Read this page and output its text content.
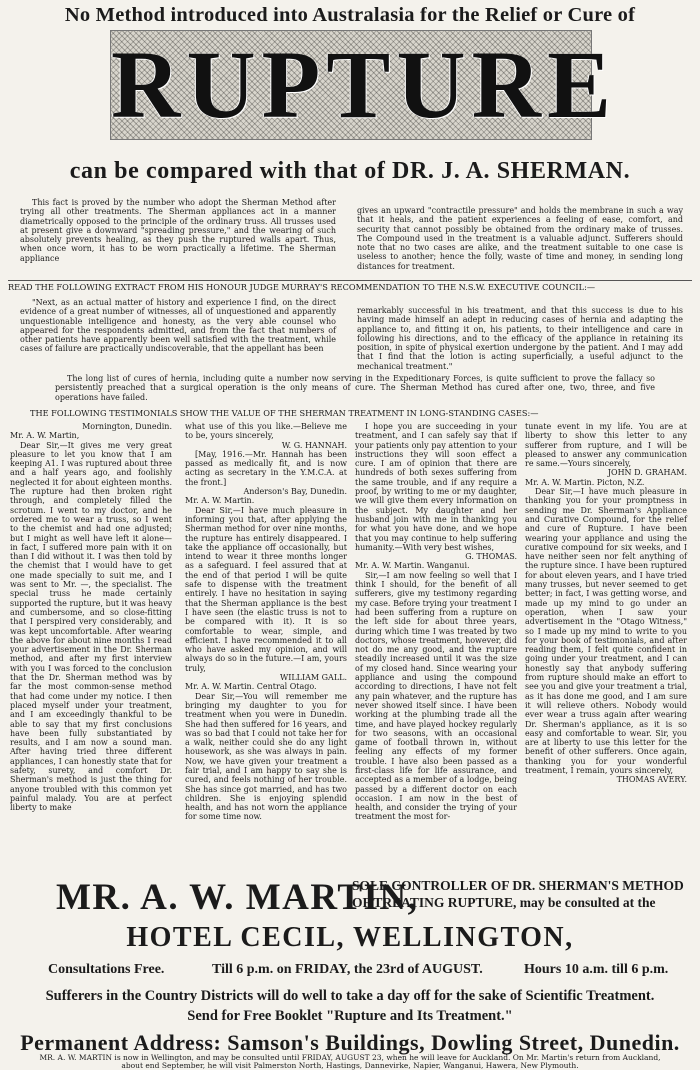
No Method introduced into Australasia for the Relief or Cure of
RUPTURE
can be compared with that of DR. J. A. SHERMAN.

This fact is proved by the number who adopt the Sherman Method after trying all other treatments. The Sherman appliances act in a manner diametrically opposed to the principle of the ordinary truss. All trusses used at present give a downward "spreading pressure," and the wearing of such absolutely prevents healing, as they push the ruptured walls apart. Thus, when once worn, it has to be worn practically a lifetime. The Sherman appliance

gives an upward "contractile pressure" and holds the membrane in such a way that it heals, and the patient experiences a feeling of ease, comfort, and security that cannot possibly be obtained from the ordinary make of trusses. The Compound used in the treatment is a valuable adjunct. Sufferers should note that no two cases are alike, and the treatment suitable to one case is useless to another; hence the folly, waste of time and money, in sending long distances for treatment.

READ THE FOLLOWING EXTRACT FROM HIS HONOUR JUDGE MURRAY'S RECOMMENDATION TO THE N.S.W. EXECUTIVE COUNCIL:—

"Next, as an actual matter of history and experience I find, on the direct evidence of a great number of witnesses, all of unquestioned and apparently unquestionable intelligence and honesty, as the very able counsel who appeared for the respondents admitted, and from the fact that numbers of other patients have apparently been well satisfied with the treatment, while cases of failure are practically undiscoverable, that the appellant has been

remarkably successful in his treatment, and that this success is due to his having made himself an adept in reducing cases of hernia and adapting the appliance to, and fitting it on, his patients, to their intelligence and care in following his directions, and to the efficacy of the appliance in retaining its position, in spite of physical exertion undergone by the patient. And I may add that I find that the lotion is acting superficially, a useful adjunct to the mechanical treatment."

The long list of cures of hernia, including quite a number now serving in the Expeditionary Forces, is quite sufficient to prove the fallacy so persistently preached that a surgical operation is the only means of cure. The Sherman Method has cured after one, two, three, and five operations have failed.

THE FOLLOWING TESTIMONIALS SHOW THE VALUE OF THE SHERMAN TREATMENT IN LONG-STANDING CASES:—

Mornington, Dunedin.

Mr. A. W. Martin,

Dear Sir,—It gives me very great pleasure to let you know that I am keeping A1. I was ruptured about three and a half years ago, and foolishly neglected it for about eighteen months. The rupture had then broken right through, and completely filled the scrotum. I went to my doctor, and he ordered me to wear a truss, so I went to the chemist and had one adjusted; but I might as well have left it alone—in fact, I suffered more pain with it on than I did without it. I was then told by the chemist that I would have to get one made specially to suit me, and I was sent to Mr. —, the specialist. The special truss he made certainly supported the rupture, but it was heavy and cumbersome, and so close-fitting that I perspired very considerably, and was kept uncomfortable. After wearing the above for about nine months I read your advertisement in the Dr. Sherman method, and after my first interview with you I was forced to the conclusion that the Dr. Sherman method was by far the most common-sense method that had come under my notice. I then placed myself under your treatment, and I am exceedingly thankful to be able to say that my first conclusions have been fully substantiated by results, and I am now a sound man. After having tried three different appliances, I can honestly state that for safety, surety, and comfort Dr. Sherman's method is just the thing for anyone troubled with this common yet painful malady. You are at perfect liberty to make

what use of this you like.—Believe me to be, yours sincerely,

W. G. HANNAH.

[May, 1916.—Mr. Hannah has been passed as medically fit, and is now acting as secretary in the Y.M.C.A. at the front.]

Anderson's Bay, Dunedin.

Mr. A. W. Martin.

Dear Sir,—I have much pleasure in informing you that, after applying the Sherman method for over nine months, the rupture has entirely disappeared. I take the appliance off occasionally, but intend to wear it three months longer as a safeguard. I feel assured that at the end of that period I will be quite safe to dispense with the treatment entirely. I have no hesitation in saying that the Sherman appliance is the best I have seen (the elastic truss is not to be compared with it). It is so comfortable to wear, simple, and efficient. I have recommended it to all who have asked my opinion, and will always do so in the future.—I am, yours truly,

WILLIAM GALL.

Mr. A. W. Martin. Central Otago.

Dear Sir,—You will remember me bringing my daughter to you for treatment when you were in Dunedin. She had then suffered for 16 years, and was so bad that I could not take her for a walk, neither could she do any light housework, as she was always in pain. Now, we have given your treatment a fair trial, and I am happy to say she is cured, and feels nothing of her trouble. She has since got married, and has two children. She is enjoying splendid health, and has not worn the appliance for some time now.

I hope you are succeeding in your treatment, and I can safely say that if your patients only pay attention to your instructions they will soon effect a cure. I am of opinion that there are hundreds of both sexes suffering from the same trouble, and if any require a proof, by writing to me or my daughter, we will give them every information on the subject. My daughter and her husband join with me in thanking you for what you have done, and we hope that you may continue to help suffering humanity.—With very best wishes,

G. THOMAS.

Mr. A. W. Martin. Wanganui.

Sir,—I am now feeling so well that I think I should, for the benefit of all sufferers, give my testimony regarding my case. Before trying your treatment I had been suffering from a rupture on the left side for about three years, during which time I was treated by two doctors, whose treatment, however, did not do me any good, and the rupture steadily increased until it was the size of my closed hand. Since wearing your appliance and using the compound according to directions, I have not felt any pain whatever, and the rupture has never showed itself since. I have been working at the plumbing trade all the time, and have played hockey regularly for two seasons, with an occasional game of football thrown in, without feeling any effects of my former trouble. I have also been passed as a first-class life for life assurance, and accepted as a member of a lodge, being passed by a different doctor on each occasion. I am now in the best of health, and consider the trying of your treatment the most for-

tunate event in my life. You are at liberty to show this letter to any sufferer from rupture, and I will be pleased to answer any communication re same.—Yours sincerely,

JOHN D. GRAHAM.

Mr. A. W. Martin. Picton, N.Z.

Dear Sir,—I have much pleasure in thanking you for your promptness in sending me Dr. Sherman's Appliance and Curative Compound, for the relief and cure of Rupture. I have been wearing your appliance and using the curative compound for six weeks, and I have neither seen nor felt anything of the rupture since. I have been ruptured for about eleven years, and I have tried many trusses, but never seemed to get better; in fact, I was getting worse, and made up my mind to go under an operation, when I saw your advertisement in the "Otago Witness," so I made up my mind to write to you for your book of testimonials, and after reading them, I felt quite confident in going under your treatment, and I can honestly say that anybody suffering from rupture should make an effort to see you and give your treatment a trial, as it has done me good, and I am sure it will relieve others. Nobody would ever wear a truss again after wearing Dr. Sherman's appliance, as it is so easy and comfortable to wear. Sir, you are at liberty to use this letter for the benefit of other sufferers. Once again, thanking you for your wonderful treatment, I remain, yours sincerely,

THOMAS AVERY.

MR. A. W. MARTIN,
SOLE CONTROLLER OF DR. SHERMAN'S METHOD OF TREATING RUPTURE, may be consulted at the
HOTEL CECIL, WELLINGTON,
Consultations Free.	Till 6 p.m. on FRIDAY, the 23rd of AUGUST.	Hours 10 a.m. till 6 p.m.
Sufferers in the Country Districts will do well to take a day off for the sake of Scientific Treatment.
Send for Free Booklet "Rupture and Its Treatment."
Permanent Address: Samson's Buildings, Dowling Street, Dunedin.
MR. A. W. MARTIN is now in Wellington, and may be consulted until FRIDAY, AUGUST 23, when he will leave for Auckland. On Mr. Martin's return from Auckland, about end September, he will visit Palmerston North, Hastings, Dannevirke, Napier, Wanganui, Hawera, New Plymouth.
